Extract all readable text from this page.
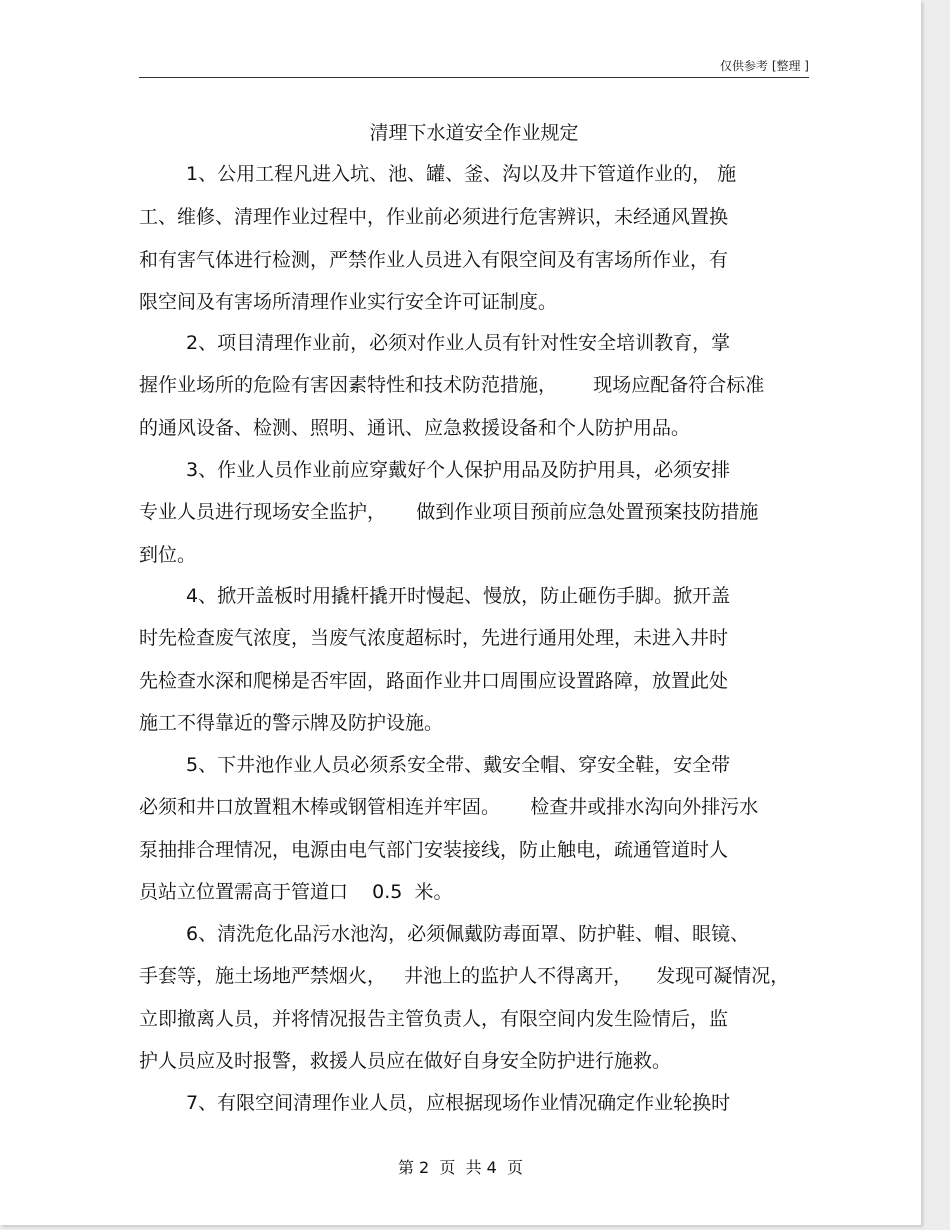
仅供参考 [整理 ]
清理下水道安全作业规定
1、公用工程凡进入坑、池、罐、釜、沟以及井下管道作业的， 施
工、维修、清理作业过程中，作业前必须进行危害辨识，未经通风置换
和有害气体进行检测，严禁作业人员进入有限空间及有害场所作业，有
限空间及有害场所清理作业实行安全许可证制度。
2、项目清理作业前，必须对作业人员有针对性安全培训教育，掌
握作业场所的危险有害因素特性和技术防范措施，      现场应配备符合标准
的通风设备、检测、照明、通讯、应急救援设备和个人防护用品。
3、作业人员作业前应穿戴好个人保护用品及防护用具，必须安排
专业人员进行现场安全监护，     做到作业项目预前应急处置预案技防措施
到位。
4、掀开盖板时用撬杆撬开时慢起、慢放，防止砸伤手脚。掀开盖
时先检查废气浓度，当废气浓度超标时，先进行通用处理，未进入井时
先检查水深和爬梯是否牢固，路面作业井口周围应设置路障，放置此处
施工不得靠近的警示牌及防护设施。
5、下井池作业人员必须系安全带、戴安全帽、穿安全鞋，安全带
必须和井口放置粗木棒或钢管相连并牢固。     检查井或排水沟向外排污水
泵抽排合理情况，电源由电气部门安装接线，防止触电，疏通管道时人
员站立位置需高于管道口    0.5  米。
6、清洗危化品污水池沟，必须佩戴防毒面罩、防护鞋、帽、眼镜、
手套等，施土场地严禁烟火，   井池上的监护人不得离开，    发现可凝情况，
立即撤离人员，并将情况报告主管负责人，有限空间内发生险情后，监
护人员应及时报警，救援人员应在做好自身安全防护进行施救。
7、有限空间清理作业人员，应根据现场作业情况确定作业轮换时
第 2  页  共 4  页
